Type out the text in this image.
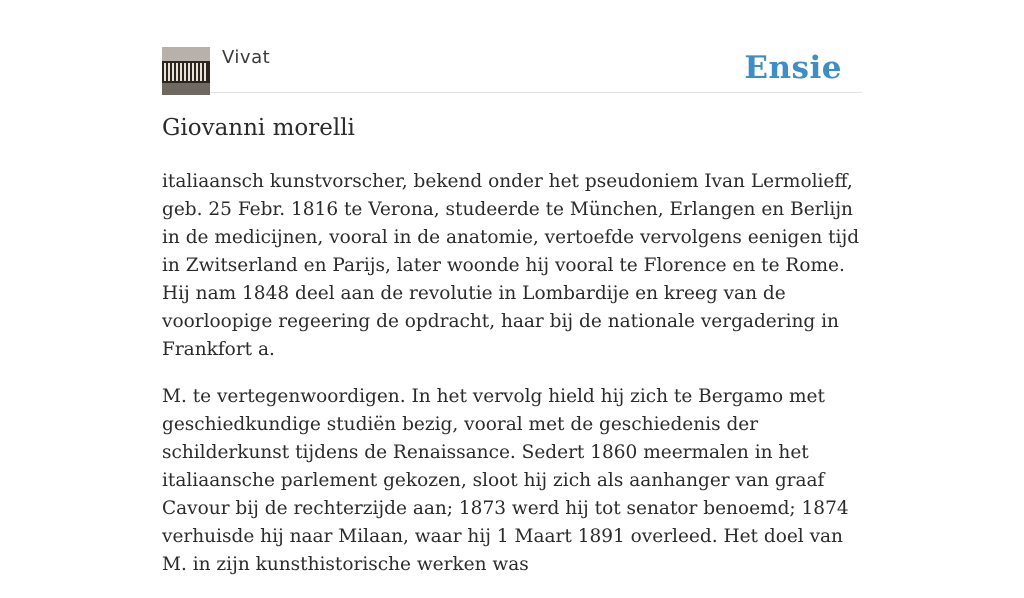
Vivat	Ensie
Giovanni morelli

italiaansch kunstvorscher, bekend onder het pseudoniem Ivan Lermolieff, geb. 25 Febr. 1816 te Verona, studeerde te München, Erlangen en Berlijn in de medicijnen, vooral in de anatomie, vertoefde vervolgens eenigen tijd in Zwitserland en Parijs, later woonde hij vooral te Florence en te Rome. Hij nam 1848 deel aan de revolutie in Lombardije en kreeg van de voorloopige regeering de opdracht, haar bij de nationale vergadering in Frankfort a.

M. te vertegenwoordigen. In het vervolg hield hij zich te Bergamo met geschiedkundige studiën bezig, vooral met de geschiedenis der schilderkunst tijdens de Renaissance. Sedert 1860 meermalen in het italiaansche parlement gekozen, sloot hij zich als aanhanger van graaf Cavour bij de rechterzijde aan; 1873 werd hij tot senator benoemd; 1874 verhuisde hij naar Milaan, waar hij 1 Maart 1891 overleed. Het doel van M. in zijn kunsthistorische werken was
